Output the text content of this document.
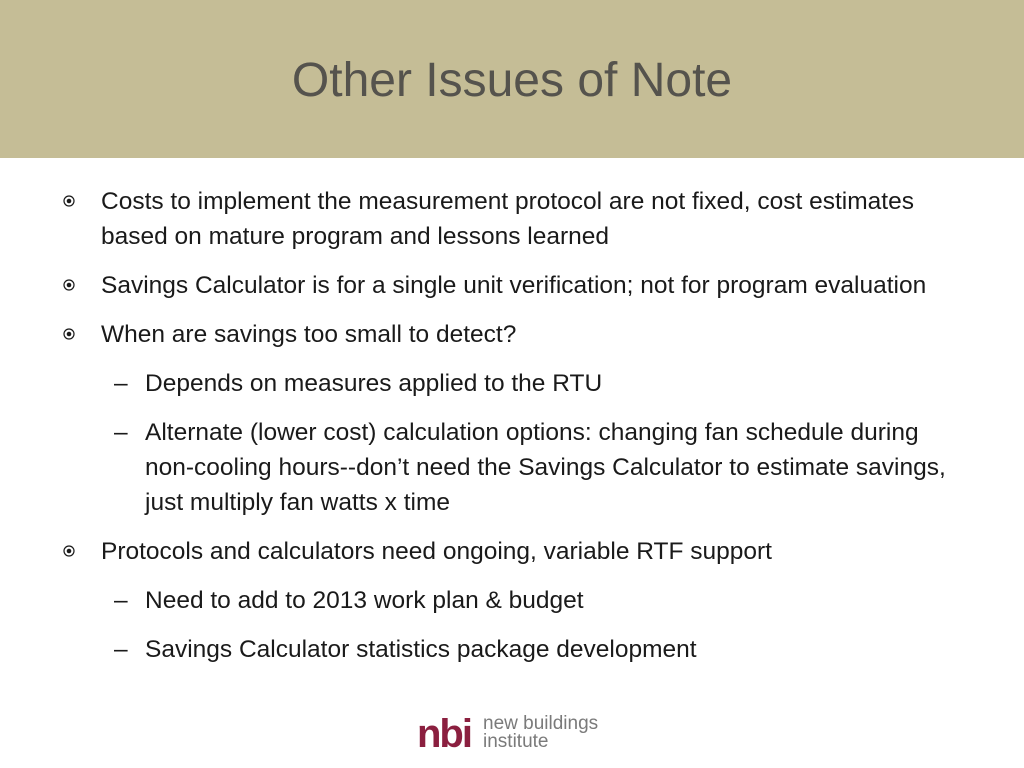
Other Issues of Note
Costs to implement the measurement protocol are not fixed, cost estimates based on mature program and lessons learned
Savings Calculator is for a single unit verification; not for program evaluation
When are savings too small to detect?
– Depends on measures applied to the RTU
– Alternate (lower cost) calculation options: changing fan schedule during non-cooling hours--don’t need the Savings Calculator to estimate savings, just multiply fan watts x time
Protocols and calculators need ongoing, variable RTF support
– Need to add to 2013 work plan & budget
– Savings Calculator statistics package development
nbi new buildings
institute
